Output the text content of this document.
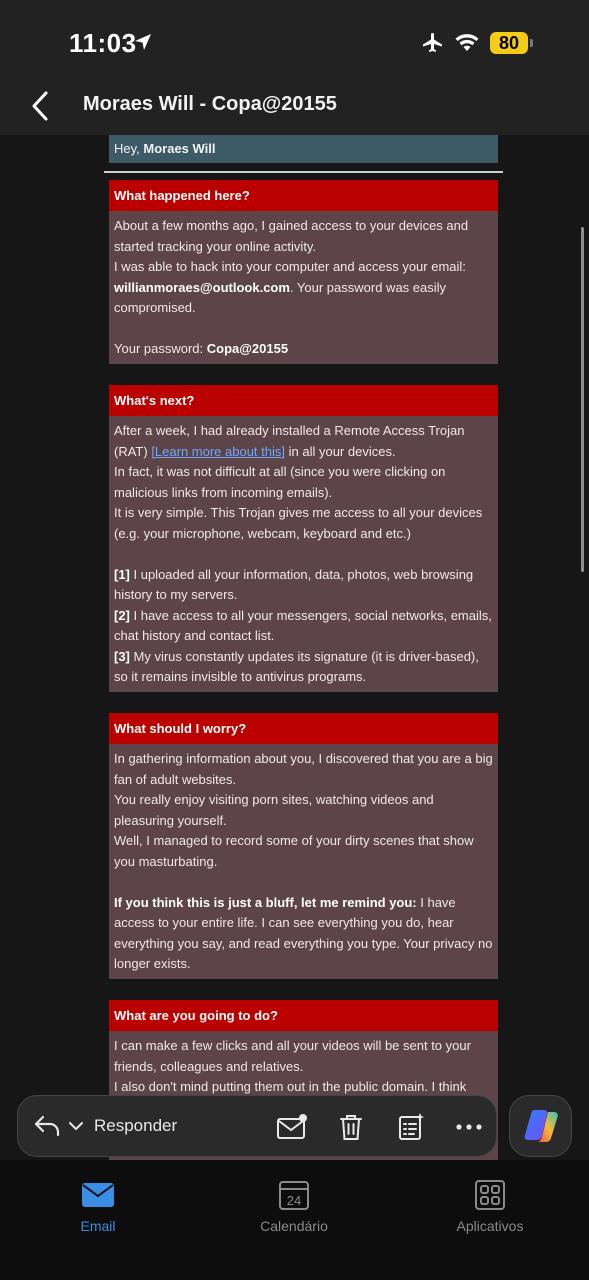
11:03	80
Moraes Will - Copa@20155
Hey, Moraes Will
What happened here?

About a few months ago, I gained access to your devices and started tracking your online activity.

I was able to hack into your computer and access your email:

willianmoraes@outlook.com. Your password was easily compromised.

Your password: Copa@20155

What's next?

After a week, I had already installed a Remote Access Trojan (RAT) [Learn more about this] in all your devices.

In fact, it was not difficult at all (since you were clicking on malicious links from incoming emails).

It is very simple. This Trojan gives me access to all your devices (e.g. your microphone, webcam, keyboard and etc.)

[1] I uploaded all your information, data, photos, web browsing history to my servers.

[2] I have access to all your messengers, social networks, emails, chat history and contact list.

[3] My virus constantly updates its signature (it is driver-based), so it remains invisible to antivirus programs.

What should I worry?

In gathering information about you, I discovered that you are a big fan of adult websites.

You really enjoy visiting porn sites, watching videos and pleasuring yourself.

Well, I managed to record some of your dirty scenes that show you masturbating.

If you think this is just a bluff, let me remind you: I have access to your entire life. I can see everything you do, hear everything you say, and read everything you type. Your privacy no longer exists.

What are you going to do?

I can make a few clicks and all your videos will be sent to your friends, colleagues and relatives.

I also don't mind putting them out in the public domain. I think

Responder
Email
24
Calendário	Aplicativos
